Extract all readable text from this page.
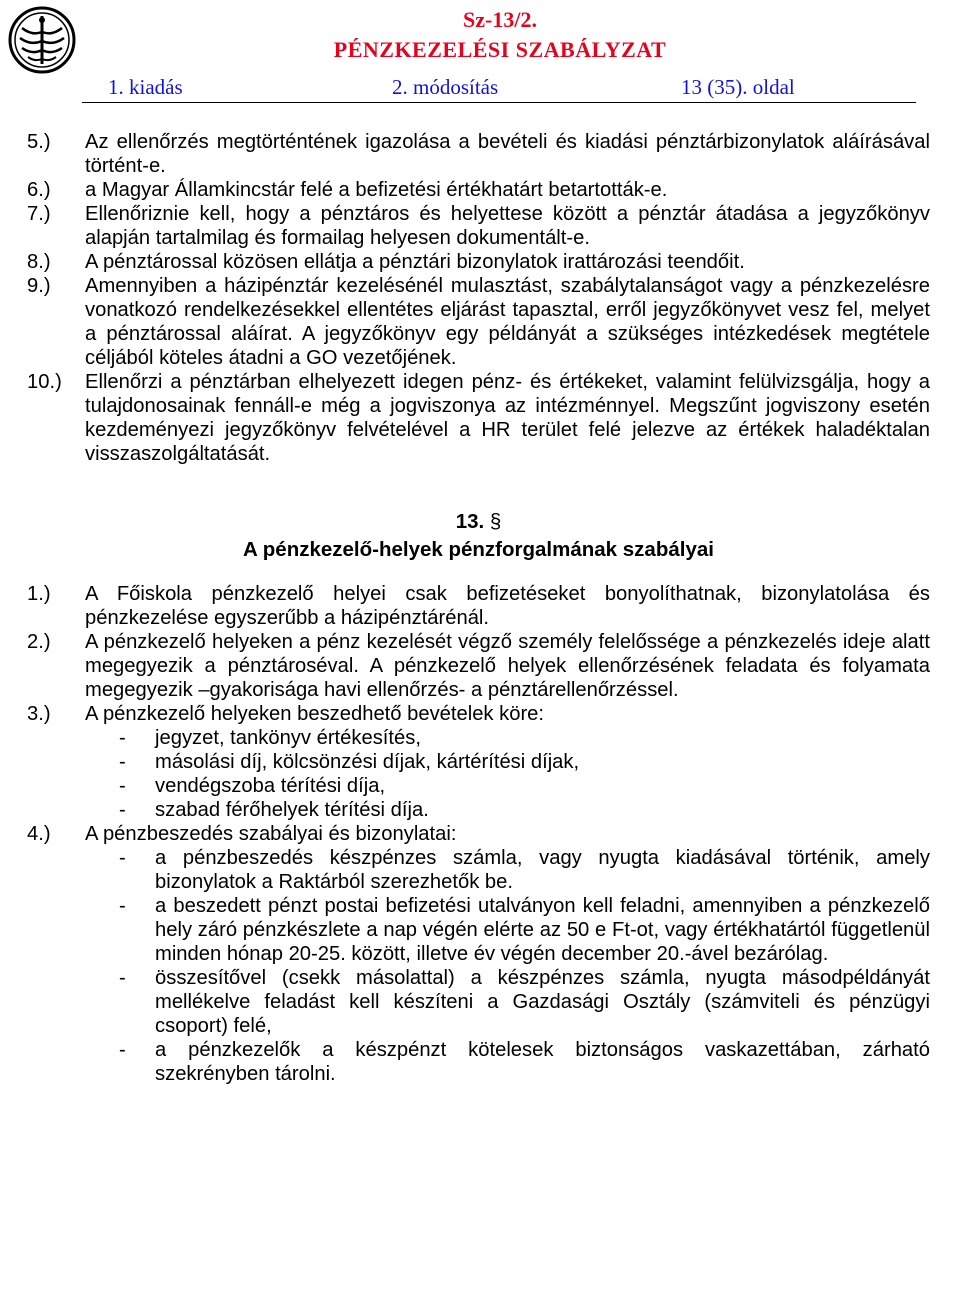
Sz-13/2.
PÉNZKEZELÉSI SZABÁLYZAT
1. kiadás	2. módosítás	13 (35). oldal
5.)	Az ellenőrzés megtörténtének igazolása a bevételi és kiadási pénztárbizonylatok aláírásával történt-e.
6.)	a Magyar Államkincstár felé a befizetési értékhatárt betartották-e.
7.)	Ellenőriznie kell, hogy a pénztáros és helyettese között a pénztár átadása a jegyzőkönyv alapján tartalmilag és formailag helyesen dokumentált-e.
8.)	A pénztárossal közösen ellátja a pénztári bizonylatok irattározási teendőit.
9.)	Amennyiben a házipénztár kezelésénél mulasztást, szabálytalanságot vagy a pénzkezelésre vonatkozó rendelkezésekkel ellentétes eljárást tapasztal, erről jegyzőkönyvet vesz fel, melyet a pénztárossal aláírat. A jegyzőkönyv egy példányát a szükséges intézkedések megtétele céljából köteles átadni a GO vezetőjének.
10.)	Ellenőrzi a pénztárban elhelyezett idegen pénz- és értékeket, valamint felülvizsgálja, hogy a tulajdonosainak fennáll-e még a jogviszonya az intézménnyel. Megszűnt jogviszony esetén kezdeményezi jegyzőkönyv felvételével a HR terület felé jelezve az értékek haladéktalan visszaszolgáltatását.
13. §
A pénzkezelő-helyek pénzforgalmának szabályai
1.)	A Főiskola pénzkezelő helyei csak befizetéseket bonyolíthatnak, bizonylatolása és pénzkezelése egyszerűbb a házipénztárénál.
2.)	A pénzkezelő helyeken a pénz kezelését végző személy felelőssége a pénzkezelés ideje alatt megegyezik a pénztároséval. A pénzkezelő helyek ellenőrzésének feladata és folyamata megegyezik –gyakorisága havi ellenőrzés- a pénztárellenőrzéssel.
3.)	A pénzkezelő helyeken beszedhető bevételek köre:
-	jegyzet, tankönyv értékesítés,
-	másolási díj, kölcsönzési díjak, kártérítési díjak,
-	vendégszoba térítési díja,
-	szabad férőhelyek térítési díja.
4.)	A pénzbeszedés szabályai és bizonylatai:
-	a pénzbeszedés készpénzes számla, vagy nyugta kiadásával történik, amely bizonylatok a Raktárból szerezhetők be.
-	a beszedett pénzt postai befizetési utalványon kell feladni, amennyiben a pénzkezelő hely záró pénzkészlete a nap végén elérte az 50 e Ft-ot, vagy értékhatártól függetlenül minden hónap 20-25. között, illetve év végén december 20.-ável bezárólag.
-	összesítővel (csekk másolattal) a készpénzes számla, nyugta másodpéldányát mellékelve feladást kell készíteni a Gazdasági Osztály (számviteli és pénzügyi csoport) felé,
-	a pénzkezelők a készpénzt kötelesek biztonságos vaskazettában, zárható szekrényben tárolni.
